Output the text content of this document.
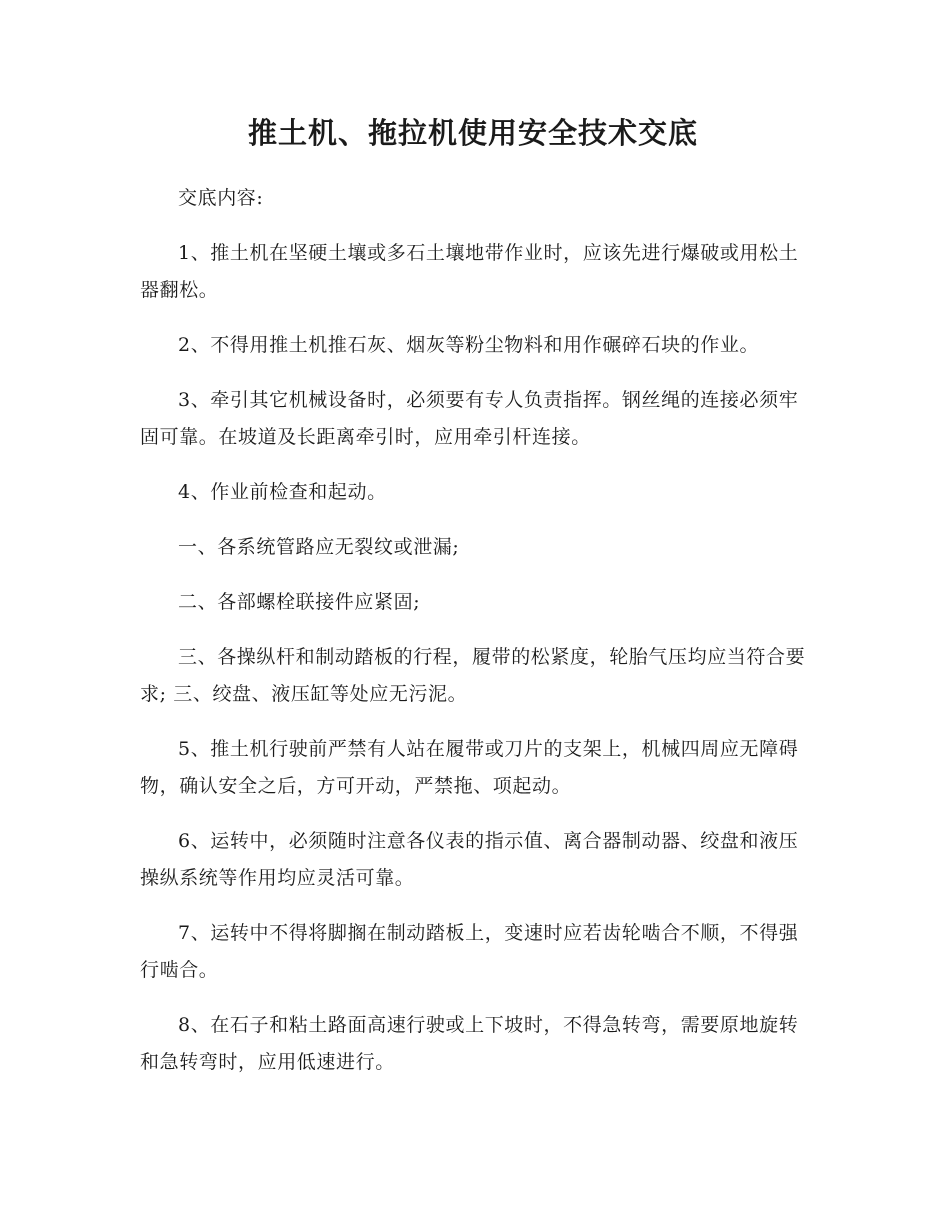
推土机、拖拉机使用安全技术交底

交底内容:

1、推土机在坚硬土壤或多石土壤地带作业时，应该先进行爆破或用松土器翻松。

2、不得用推土机推石灰、烟灰等粉尘物料和用作碾碎石块的作业。

3、牵引其它机械设备时，必须要有专人负责指挥。钢丝绳的连接必须牢固可靠。在坡道及长距离牵引时，应用牵引杆连接。

4、作业前检查和起动。

一、各系统管路应无裂纹或泄漏;

二、各部螺栓联接件应紧固;

三、各操纵杆和制动踏板的行程，履带的松紧度，轮胎气压均应当符合要求; 三、绞盘、液压缸等处应无污泥。

5、推土机行驶前严禁有人站在履带或刀片的支架上，机械四周应无障碍物，确认安全之后，方可开动，严禁拖、项起动。

6、运转中，必须随时注意各仪表的指示值、离合器制动器、绞盘和液压操纵系统等作用均应灵活可靠。

7、运转中不得将脚搁在制动踏板上，变速时应若齿轮啮合不顺，不得强行啮合。

8、在石子和粘土路面高速行驶或上下坡时，不得急转弯，需要原地旋转和急转弯时，应用低速进行。
